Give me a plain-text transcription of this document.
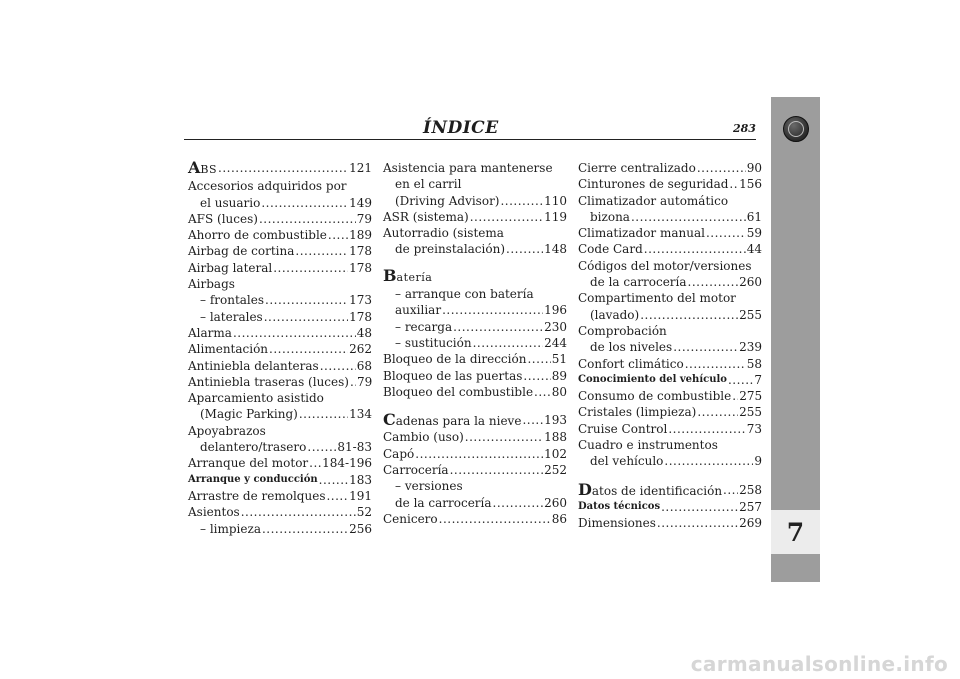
7
ÍNDICE	283
ABS .....	121
Accesorios adquiridos por
el usuario .....	149
AFS (luces) .....	79
Ahorro de combustible ..... 189
Airbag de cortina .....	178
Airbag lateral .....	178
Airbags
– frontales .....	173
– laterales .....	178
Alarma .....	48
Alimentación .....	262
Antiniebla delanteras .....	68
Antiniebla traseras (luces) ..... 79
Aparcamiento asistido
(Magic Parking) .....	134
Apoyabrazos
delantero/trasero .....	81-83
Arranque del motor ..... 184-196
Arranque y conducción .....	183
Arrastre de remolques ..... 191
Asientos .....	52
– limpieza .....	256
Asistencia para mantenerse
en el carril
(Driving Advisor) .....	110
ASR (sistema) .....	119
Autorradio (sistema
de preinstalación) .....	148
Batería
– arranque con batería
auxiliar .....	196
– recarga .....	230
– sustitución .....	244
Bloqueo de la dirección ..... 51
Bloqueo de las puertas ..... 89
Bloqueo del combustible ..... 80
Cadenas para la nieve ..... 193
Cambio (uso) .....	188
Capó .....	102
Carrocería .....	252
– versiones
de la carrocería .....	260
Cenicero .....	86
Cierre centralizado .....	90
Cinturones de seguridad ..... 156
Climatizador automático
bizona .....	61
Climatizador manual .....	59
Code Card .....	44
Códigos del motor/versiones
de la carrocería .....	260
Compartimento del motor
(lavado) .....	255
Comprobación
de los niveles .....	239
Confort climático .....	58
Conocimiento del vehículo ..... 7
Consumo de combustible ..... 275
Cristales (limpieza) .....	255
Cruise Control .....	73
Cuadro e instrumentos
del vehículo .....	9
Datos de identificación ..... 258
Datos técnicos .....	257
Dimensiones .....	269
carmanualsonline.info
